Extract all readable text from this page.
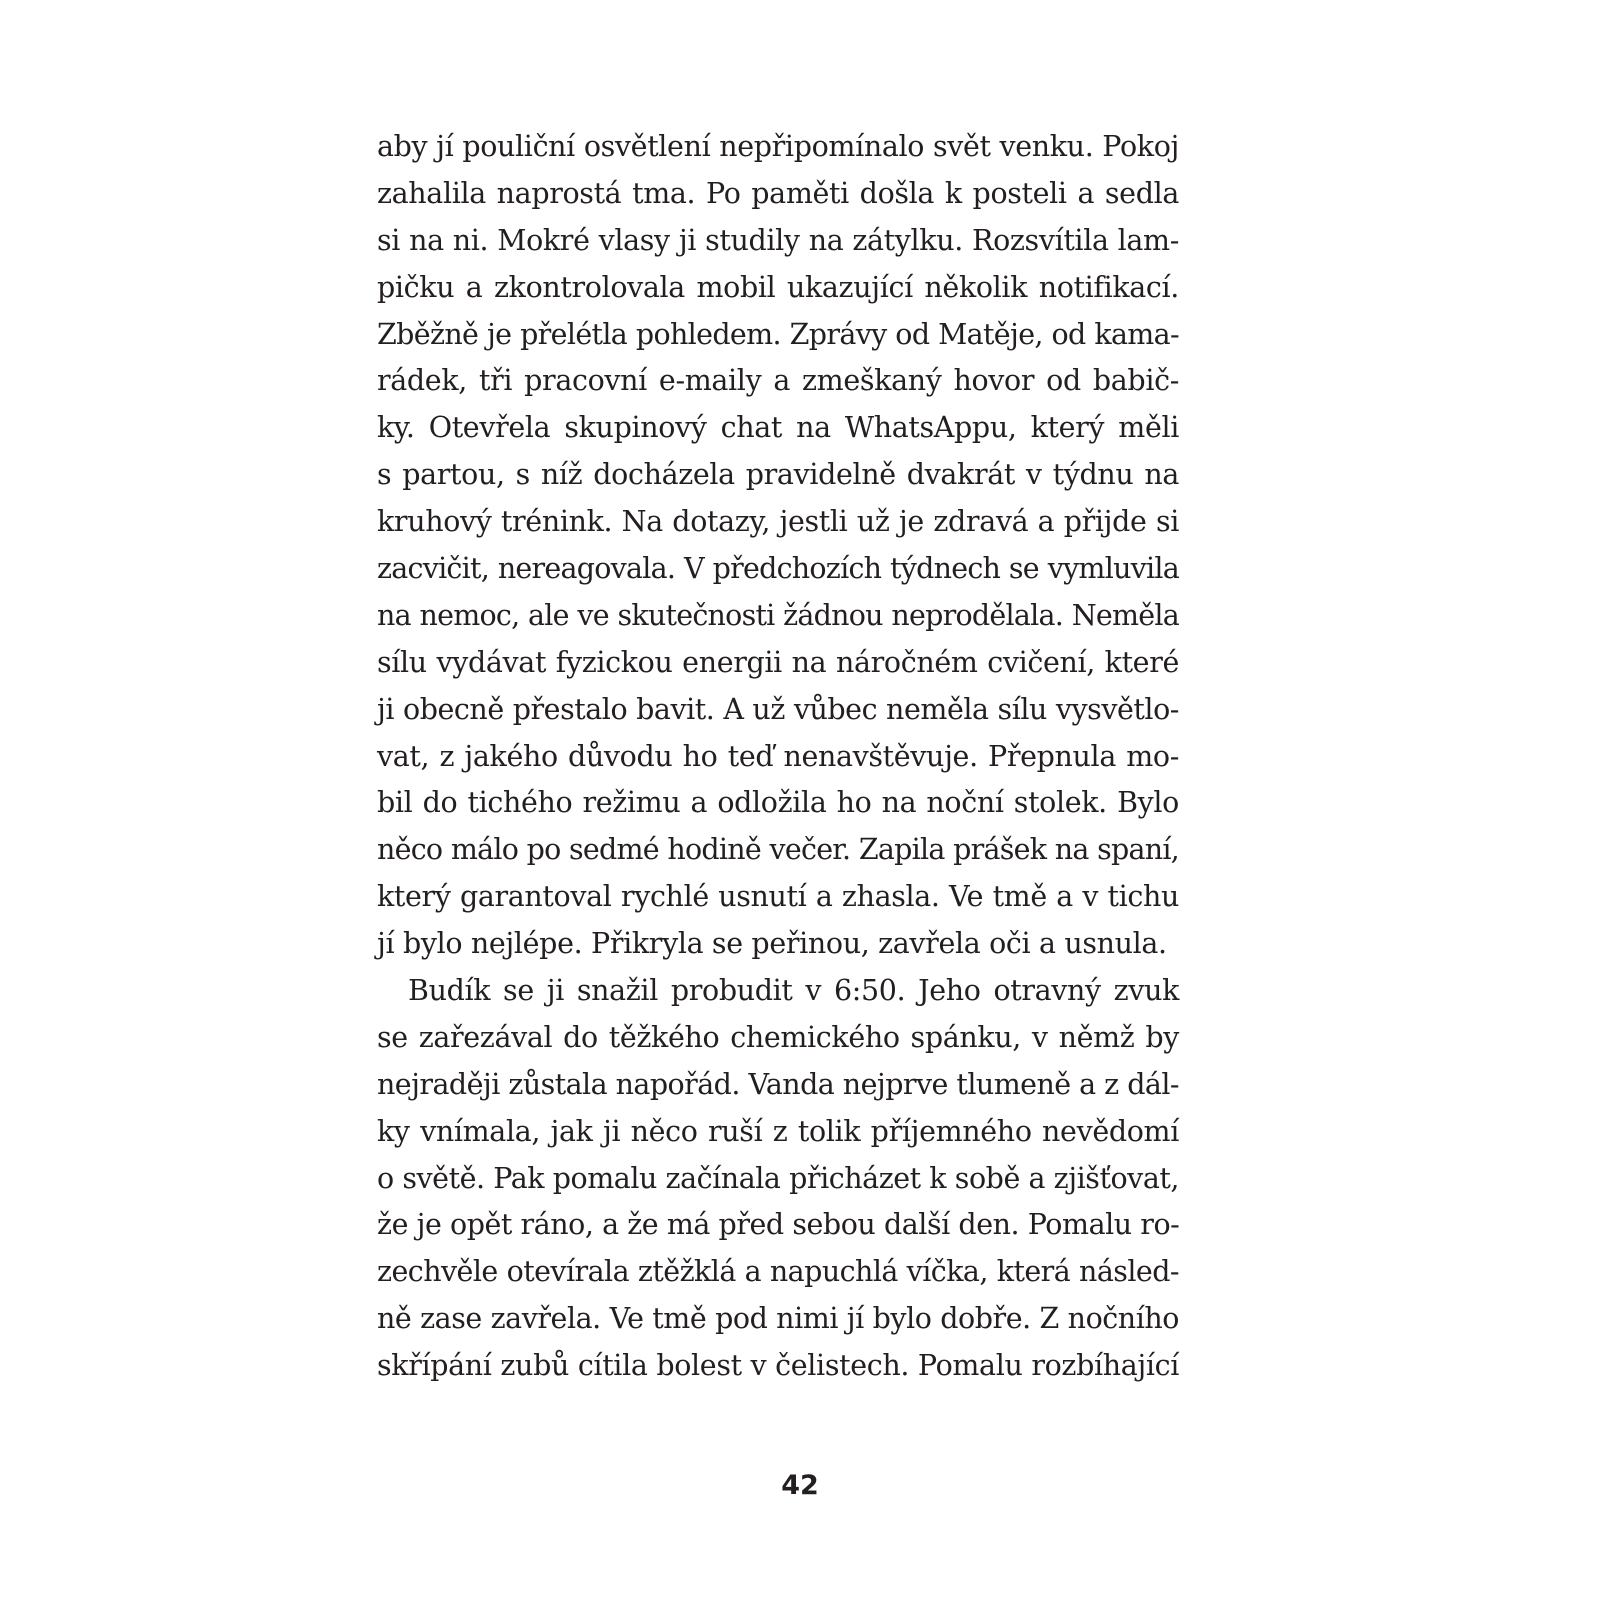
aby jí pouliční osvětlení nepřipomínalo svět venku. Pokoj
zahalila naprostá tma. Po paměti došla k posteli a sedla
si na ni. Mokré vlasy ji studily na zátylku. Rozsvítila lam-
pičku a zkontrolovala mobil ukazující několik notifikací.
Zběžně je přelétla pohledem. Zprávy od Matěje, od kama-
rádek, tři pracovní e-maily a zmeškaný hovor od babič-
ky. Otevřela skupinový chat na WhatsAppu, který měli
s partou, s níž docházela pravidelně dvakrát v týdnu na
kruhový trénink. Na dotazy, jestli už je zdravá a přijde si
zacvičit, nereagovala. V předchozích týdnech se vymluvila
na nemoc, ale ve skutečnosti žádnou neprodělala. Neměla
sílu vydávat fyzickou energii na náročném cvičení, které
ji obecně přestalo bavit. A už vůbec neměla sílu vysvětlo-
vat, z jakého důvodu ho teď nenavštěvuje. Přepnula mo-
bil do tichého režimu a odložila ho na noční stolek. Bylo
něco málo po sedmé hodině večer. Zapila prášek na spaní,
který garantoval rychlé usnutí a zhasla. Ve tmě a v tichu
jí bylo nejlépe. Přikryla se peřinou, zavřela oči a usnula.
Budík se ji snažil probudit v 6:50. Jeho otravný zvuk
se zařezával do těžkého chemického spánku, v němž by
nejraději zůstala napořád. Vanda nejprve tlumeně a z dál-
ky vnímala, jak ji něco ruší z tolik příjemného nevědomí
o světě. Pak pomalu začínala přicházet k sobě a zjišťovat,
že je opět ráno, a že má před sebou další den. Pomalu ro-
zechvěle otevírala ztěžklá a napuchlá víčka, která násled-
ně zase zavřela. Ve tmě pod nimi jí bylo dobře. Z nočního
skřípání zubů cítila bolest v čelistech. Pomalu rozbíhající
42
